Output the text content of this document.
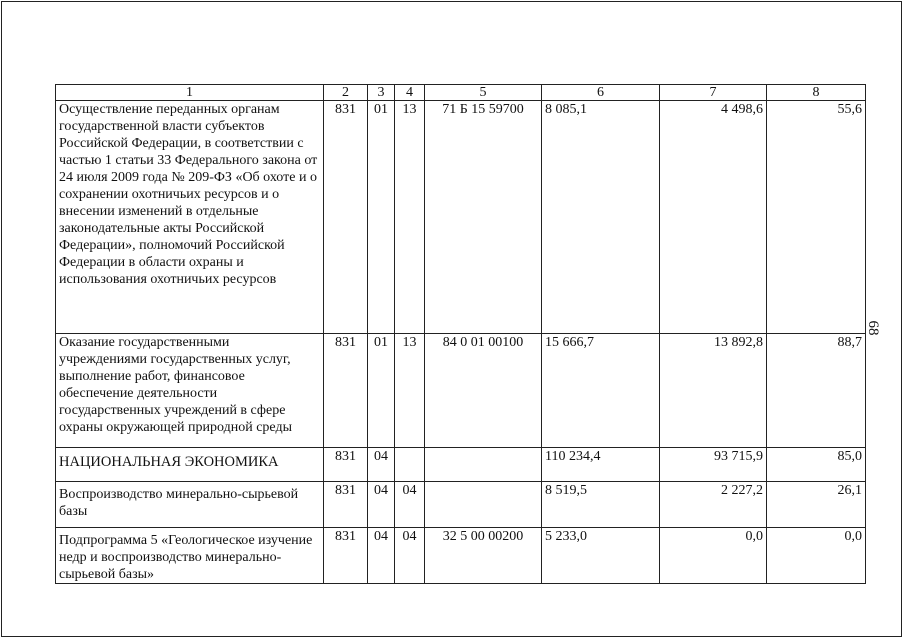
1	2	3	4	5	6	7	8
Осуществление переданных органам государственной власти субъектов Российской Федерации, в соответствии с частью 1 статьи 33 Федерального закона от 24 июля 2009 года № 209-ФЗ «Об охоте и о сохранении охотничьих ресурсов и о внесении изменений в отдельные законодательные акты Российской Федерации», полномочий Российской Федерации в области охраны и использования охотничьих ресурсов	831	01	13	71 Б 15 59700	8 085,1	4 498,6	55,6
Оказание государственными учреждениями государственных услуг, выполнение работ, финансовое обеспечение деятельности государственных учреждений в сфере охраны окружающей природной среды	831	01	13	84 0 01 00100	15 666,7	13 892,8	88,7
НАЦИОНАЛЬНАЯ ЭКОНОМИКА	831	04			110 234,4	93 715,9	85,0
Воспроизводство минерально-сырьевой базы	831	04	04		8 519,5	2 227,2	26,1
Подпрограмма 5 «Геологическое изучение недр и воспроизводство минерально-сырьевой базы»	831	04	04	32 5 00 00200	5 233,0	0,0	0,0
68
